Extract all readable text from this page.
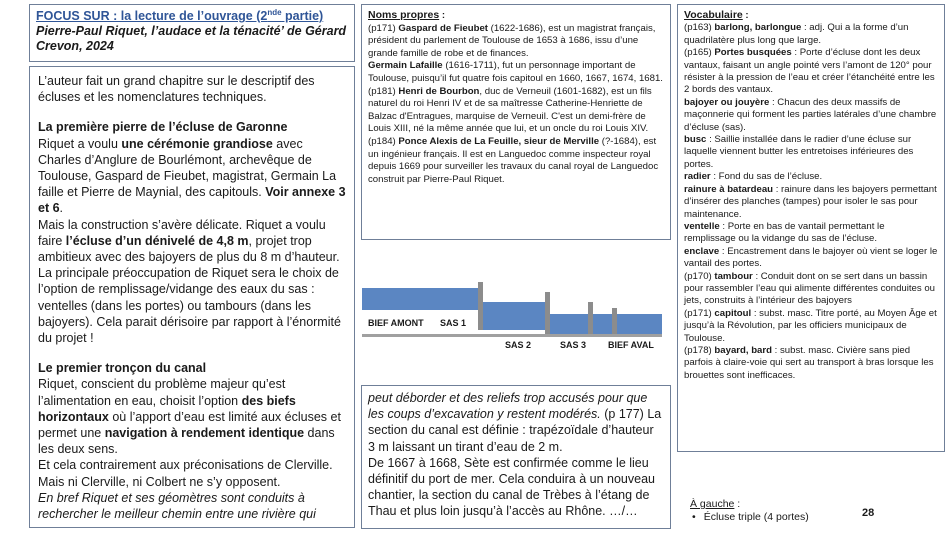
FOCUS SUR : la lecture de l’ouvrage (2nde partie)
Pierre-Paul Riquet, l’audace et la ténacité’ de Gérard Crevon, 2024

L’auteur fait un grand chapitre sur le descriptif des écluses et les nomenclatures techniques.

La première pierre de l’écluse de Garonne

Riquet a voulu une cérémonie grandiose avec Charles d’Anglure de Bourlémont, archevêque de Toulouse, Gaspard de Fieubet, magistrat, Germain La faille et Pierre de Maynial, des capitouls. Voir annexe 3 et 6.

Mais la construction s’avère délicate. Riquet a voulu faire l’écluse d’un dénivelé de 4,8 m, projet trop ambitieux avec des bajoyers de plus du 8 m d’hauteur.

La principale préoccupation de Riquet sera le choix de l’option de remplissage/vidange des eaux du sas : ventelles (dans les portes) ou tambours (dans les bajoyers). Cela parait dérisoire par rapport à l’énormité du projet !

Le premier tronçon du canal

Riquet, conscient du problème majeur qu’est l’alimentation en eau, choisit l’option des biefs horizontaux où l’apport d’eau est limité aux écluses et permet une navigation à rendement identique dans les deux sens.

Et cela contrairement aux préconisations de Clerville. Mais ni Clerville, ni Colbert ne s’y opposent.

En bref Riquet et ses géomètres sont conduits à rechercher le meilleur chemin entre une rivière qui

Noms propres :

(p171) Gaspard de Fieubet (1622-1686), est un magistrat français, président du parlement de Toulouse de 1653 à 1686, issu d’une grande famille de robe et de finances.

Germain Lafaille (1616-1711), fut un personnage important de Toulouse, puisqu’il fut quatre fois capitoul en 1660, 1667, 1674, 1681.

(p181) Henri de Bourbon, duc de Verneuil (1601-1682), est un fils naturel du roi Henri IV et de sa maîtresse Catherine-Henriette de Balzac d'Entragues, marquise de Verneuil. C'est un demi-frère de Louis XIII, né la même année que lui, et un oncle du roi Louis XIV.

(p184) Ponce Alexis de La Feuille, sieur de Merville (?-1684), est un ingénieur français. Il est en Languedoc comme inspecteur royal depuis 1669 pour surveiller les travaux du canal royal de Languedoc construit par Pierre-Paul Riquet.

BIEF AMONT SAS 1
SAS 2	SAS 3 BIEF AVAL

peut déborder et des reliefs trop accusés pour que les coups d’excavation y restent modérés. (p 177) La section du canal est définie : trapézoïdale d’hauteur 3 m laissant un tirant d’eau de 2 m.

De 1667 à 1668, Sète est confirmée comme le lieu définitif du port de mer. Cela conduira à un nouveau chantier, la section du canal de Trèbes à l’étang de Thau et plus loin jusqu’à l’accès au Rhône. …/…

Vocabulaire :

(p163) barlong, barlongue : adj. Qui a la forme d’un quadrilatère plus long que large.

(p165) Portes busquées : Porte d’écluse dont les deux vantaux, faisant un angle pointé vers l’amont de 120° pour résister à la pression de l’eau et créer l’étanchéité entre les 2 bords des vantaux.

bajoyer ou jouyère : Chacun des deux massifs de maçonnerie qui forment les parties latérales d’une chambre d’écluse (sas).

busc : Saillie installée dans le radier d’une écluse sur laquelle viennent butter les entretoises inférieures des portes.

radier : Fond du sas de l’écluse.

rainure à batardeau : rainure dans les bajoyers permettant d’insérer des planches (tampes) pour isoler le sas pour maintenance.

ventelle : Porte en bas de vantail permettant le remplissage ou la vidange du sas de l’écluse.

enclave : Encastrement dans le bajoyer où vient se loger le vantail des portes.

(p170) tambour : Conduit dont on se sert dans un bassin pour rassembler l’eau qui alimente différentes conduites ou jets, construits à l’intérieur des bajoyers

(p171) capitoul : subst. masc. Titre porté, au Moyen Âge et jusqu’à la Révolution, par les officiers municipaux de Toulouse.

(p178) bayard, bard : subst. masc. Civière sans pied parfois à claire-voie qui sert au transport à bras lorsque les brouettes sont inefficaces.

À gauche :
• Écluse triple (4 portes)	28
